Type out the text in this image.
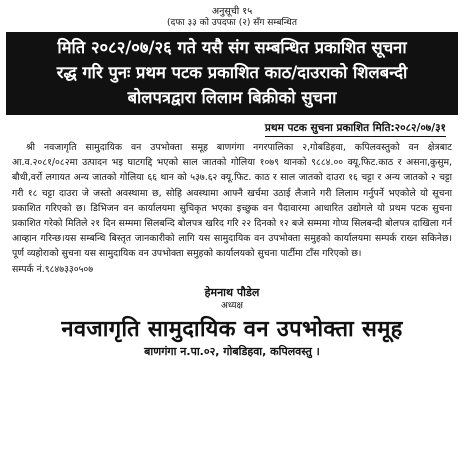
अनुसूची १५
(दफा ३३ को उपदफा (२) सँग सम्बन्धित
मिति २०८२/०७/२६ गते यसै संग सम्बन्धित प्रकाशित सूचना
रद्ध गरि पुनः प्रथम पटक प्रकाशित काठ/दाउराको शिलबन्दी
बोलपत्रद्वारा लिलाम बिक्रीको सुचना
प्रथम पटक सुचना प्रकाशित मिति:२०८२/०७/३१
श्री नवजागृति सामुदायिक वन उपभोक्ता समूह बाणगंगा नगरपालिका २,गोबडिहवा, कपिलवस्तुको वन क्षेत्रबाट आ.व.२०८१/०८२मा उत्पादन भइ घाटगद्दि भएको साल जातको गोलिया १०७९ थानको ९८८४.०० क्यू.फिट.काठ र असना,कुसुम, बौधी,वर्रो लगायत अन्य जातको गोलिया ६६ थान को ५३७.६२ क्यू.फिट. काठ र साल जातको दाउरा १६ चट्टा र अन्य जातको २ चट्टा गरी १८ चट्टा दाउरा जे जस्तो अवस्थामा छ, सोहि अवस्थामा आफ्नै खर्चमा उठाई लैजाने गरी लिलाम गर्नुपर्ने भएकोले यो सूचना प्रकाशित गरिएको छ। डिभिजन वन कार्यालयमा सुचिकृत भएका इच्छुक वन पैदावारमा आधारित उद्योगले यो प्रथम पटक सुचना प्रकाशित गरेको मितिले २१ दिन सम्ममा सिलबन्दि बोलपत्र खरिद गरि २२ दिनको १२ बजे सम्ममा गोप्य सिलबन्दी बोलपत्र दाखिला गर्न आव्हान गरिन्छ।यस सम्बन्धि बिस्तृत जानकारीको लागि यस सामुदायिक वन उपभोक्ता समुहको कार्यालयमा सम्पर्क राख्न सकिनेछ। पूर्ण व्यहोराको सुचना यस सामुदायिक वन उपभोक्ता समुहको कार्यालयको सुचना पार्टीमा टाँस गरिएको छ।
सम्पर्क नं.९८४७३३०५०७
हेमनाथ पौडेल
अध्यक्ष
नवजागृति सामुदायिक वन उपभोक्ता समूह
बाणगंगा न.पा.०२, गोबडिहवा, कपिलवस्तु ।
